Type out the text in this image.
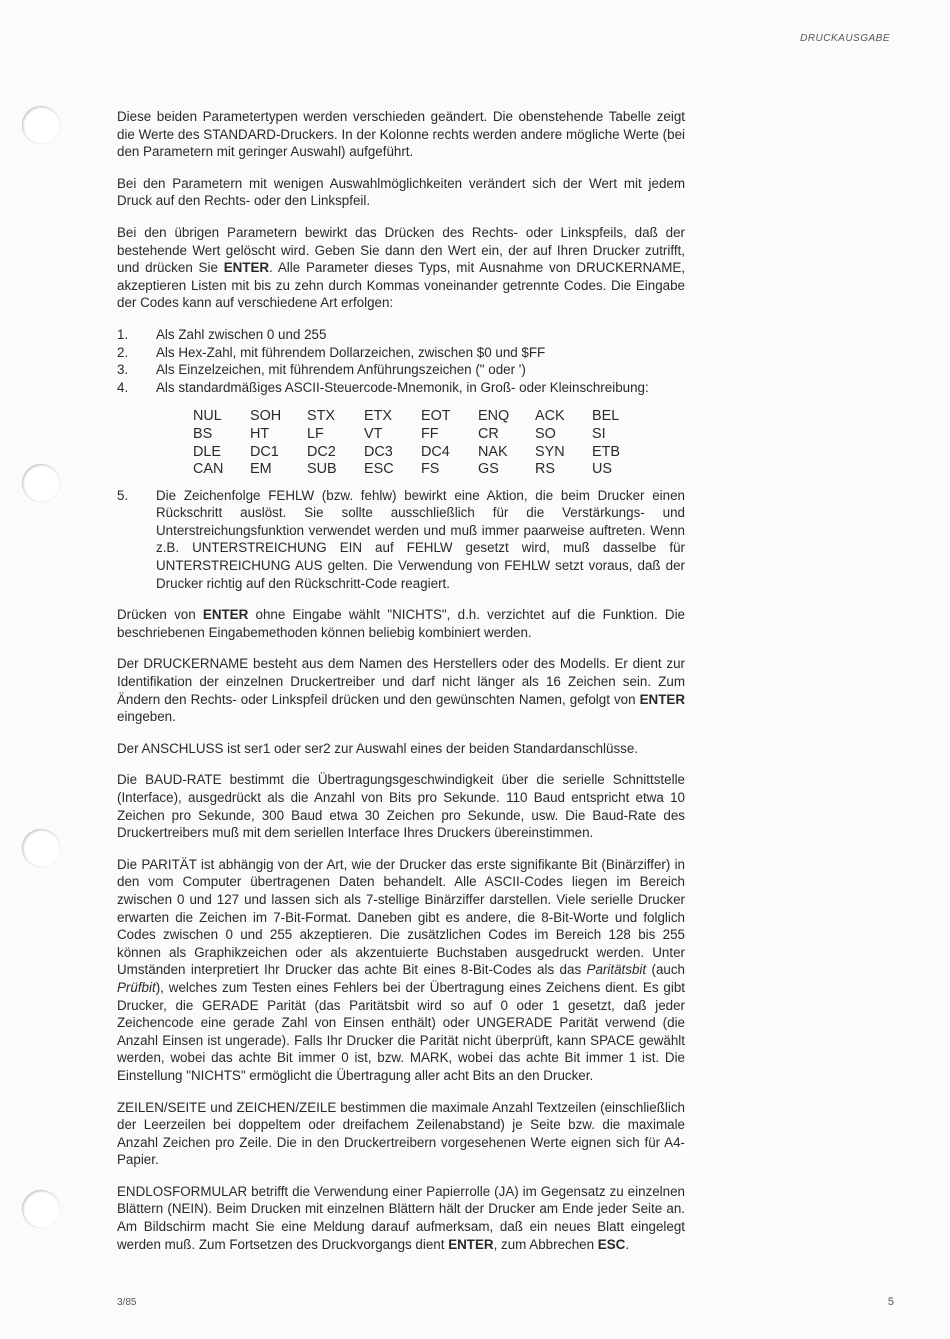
DRUCKAUSGABE

Diese beiden Parametertypen werden verschieden geändert. Die obenstehende Tabelle zeigt die Werte des STANDARD-Druckers. In der Kolonne rechts werden andere mögliche Werte (bei den Parametern mit geringer Auswahl) aufgeführt.

Bei den Parametern mit wenigen Auswahlmöglichkeiten verändert sich der Wert mit jedem Druck auf den Rechts- oder den Linkspfeil.

Bei den übrigen Parametern bewirkt das Drücken des Rechts- oder Linkspfeils, daß der bestehende Wert gelöscht wird. Geben Sie dann den Wert ein, der auf Ihren Drucker zutrifft, und drücken Sie ENTER. Alle Parameter dieses Typs, mit Ausnahme von DRUCKERNAME, akzeptieren Listen mit bis zu zehn durch Kommas voneinander getrennte Codes. Die Eingabe der Codes kann auf verschiedene Art erfolgen:

1. Als Zahl zwischen 0 und 255
2. Als Hex-Zahl, mit führendem Dollarzeichen, zwischen $0 und $FF
3. Als Einzelzeichen, mit führendem Anführungszeichen (" oder ')
4. Als standardmäßiges ASCII-Steuercode-Mnemonik, in Groß- oder Kleinschreibung:
NUL	SOH	STX	ETX	EOT	ENQ	ACK	BEL
BS	HT	LF	VT	FF	CR	SO	SI
DLE	DC1	DC2	DC3	DC4	NAK	SYN	ETB
CAN	EM	SUB	ESC	FS	GS	RS	US
5. Die Zeichenfolge FEHLW (bzw. fehlw) bewirkt eine Aktion, die beim Drucker einen Rückschritt auslöst. Sie sollte ausschließlich für die Verstärkungs- und Unterstreichungsfunktion verwendet werden und muß immer paarweise auftreten. Wenn z.B. UNTERSTREICHUNG EIN auf FEHLW gesetzt wird, muß dasselbe für UNTERSTREICHUNG AUS gelten. Die Verwendung von FEHLW setzt voraus, daß der Drucker richtig auf den Rückschritt-Code reagiert.

Drücken von ENTER ohne Eingabe wählt "NICHTS", d.h. verzichtet auf die Funktion. Die beschriebenen Eingabemethoden können beliebig kombiniert werden.

Der DRUCKERNAME besteht aus dem Namen des Herstellers oder des Modells. Er dient zur Identifikation der einzelnen Druckertreiber und darf nicht länger als 16 Zeichen sein. Zum Ändern den Rechts- oder Linkspfeil drücken und den gewünschten Namen, gefolgt von ENTER eingeben.

Der ANSCHLUSS ist ser1 oder ser2 zur Auswahl eines der beiden Standardanschlüsse.

Die BAUD-RATE bestimmt die Übertragungsgeschwindigkeit über die serielle Schnittstelle (Interface), ausgedrückt als die Anzahl von Bits pro Sekunde. 110 Baud entspricht etwa 10 Zeichen pro Sekunde, 300 Baud etwa 30 Zeichen pro Sekunde, usw. Die Baud-Rate des Druckertreibers muß mit dem seriellen Interface Ihres Druckers übereinstimmen.

Die PARITÄT ist abhängig von der Art, wie der Drucker das erste signifikante Bit (Binärziffer) in den vom Computer übertragenen Daten behandelt. Alle ASCII-Codes liegen im Bereich zwischen 0 und 127 und lassen sich als 7-stellige Binärziffer darstellen. Viele serielle Drucker erwarten die Zeichen im 7-Bit-Format. Daneben gibt es andere, die 8-Bit-Worte und folglich Codes zwischen 0 und 255 akzeptieren. Die zusätzlichen Codes im Bereich 128 bis 255 können als Graphikzeichen oder als akzentuierte Buchstaben ausgedruckt werden. Unter Umständen interpretiert Ihr Drucker das achte Bit eines 8-Bit-Codes als das Paritätsbit (auch Prüfbit), welches zum Testen eines Fehlers bei der Übertragung eines Zeichens dient. Es gibt Drucker, die GERADE Parität (das Paritätsbit wird so auf 0 oder 1 gesetzt, daß jeder Zeichencode eine gerade Zahl von Einsen enthält) oder UNGERADE Parität verwend (die Anzahl Einsen ist ungerade). Falls Ihr Drucker die Parität nicht überprüft, kann SPACE gewählt werden, wobei das achte Bit immer 0 ist, bzw. MARK, wobei das achte Bit immer 1 ist. Die Einstellung "NICHTS" ermöglicht die Übertragung aller acht Bits an den Drucker.

ZEILEN/SEITE und ZEICHEN/ZEILE bestimmen die maximale Anzahl Textzeilen (einschließlich der Leerzeilen bei doppeltem oder dreifachem Zeilenabstand) je Seite bzw. die maximale Anzahl Zeichen pro Zeile. Die in den Druckertreibern vorgesehenen Werte eignen sich für A4-Papier.

ENDLOSFORMULAR betrifft die Verwendung einer Papierrolle (JA) im Gegensatz zu einzelnen Blättern (NEIN). Beim Drucken mit einzelnen Blättern hält der Drucker am Ende jeder Seite an. Am Bildschirm macht Sie eine Meldung darauf aufmerksam, daß ein neues Blatt eingelegt werden muß. Zum Fortsetzen des Druckvorgangs dient ENTER, zum Abbrechen ESC.

3/85	5
